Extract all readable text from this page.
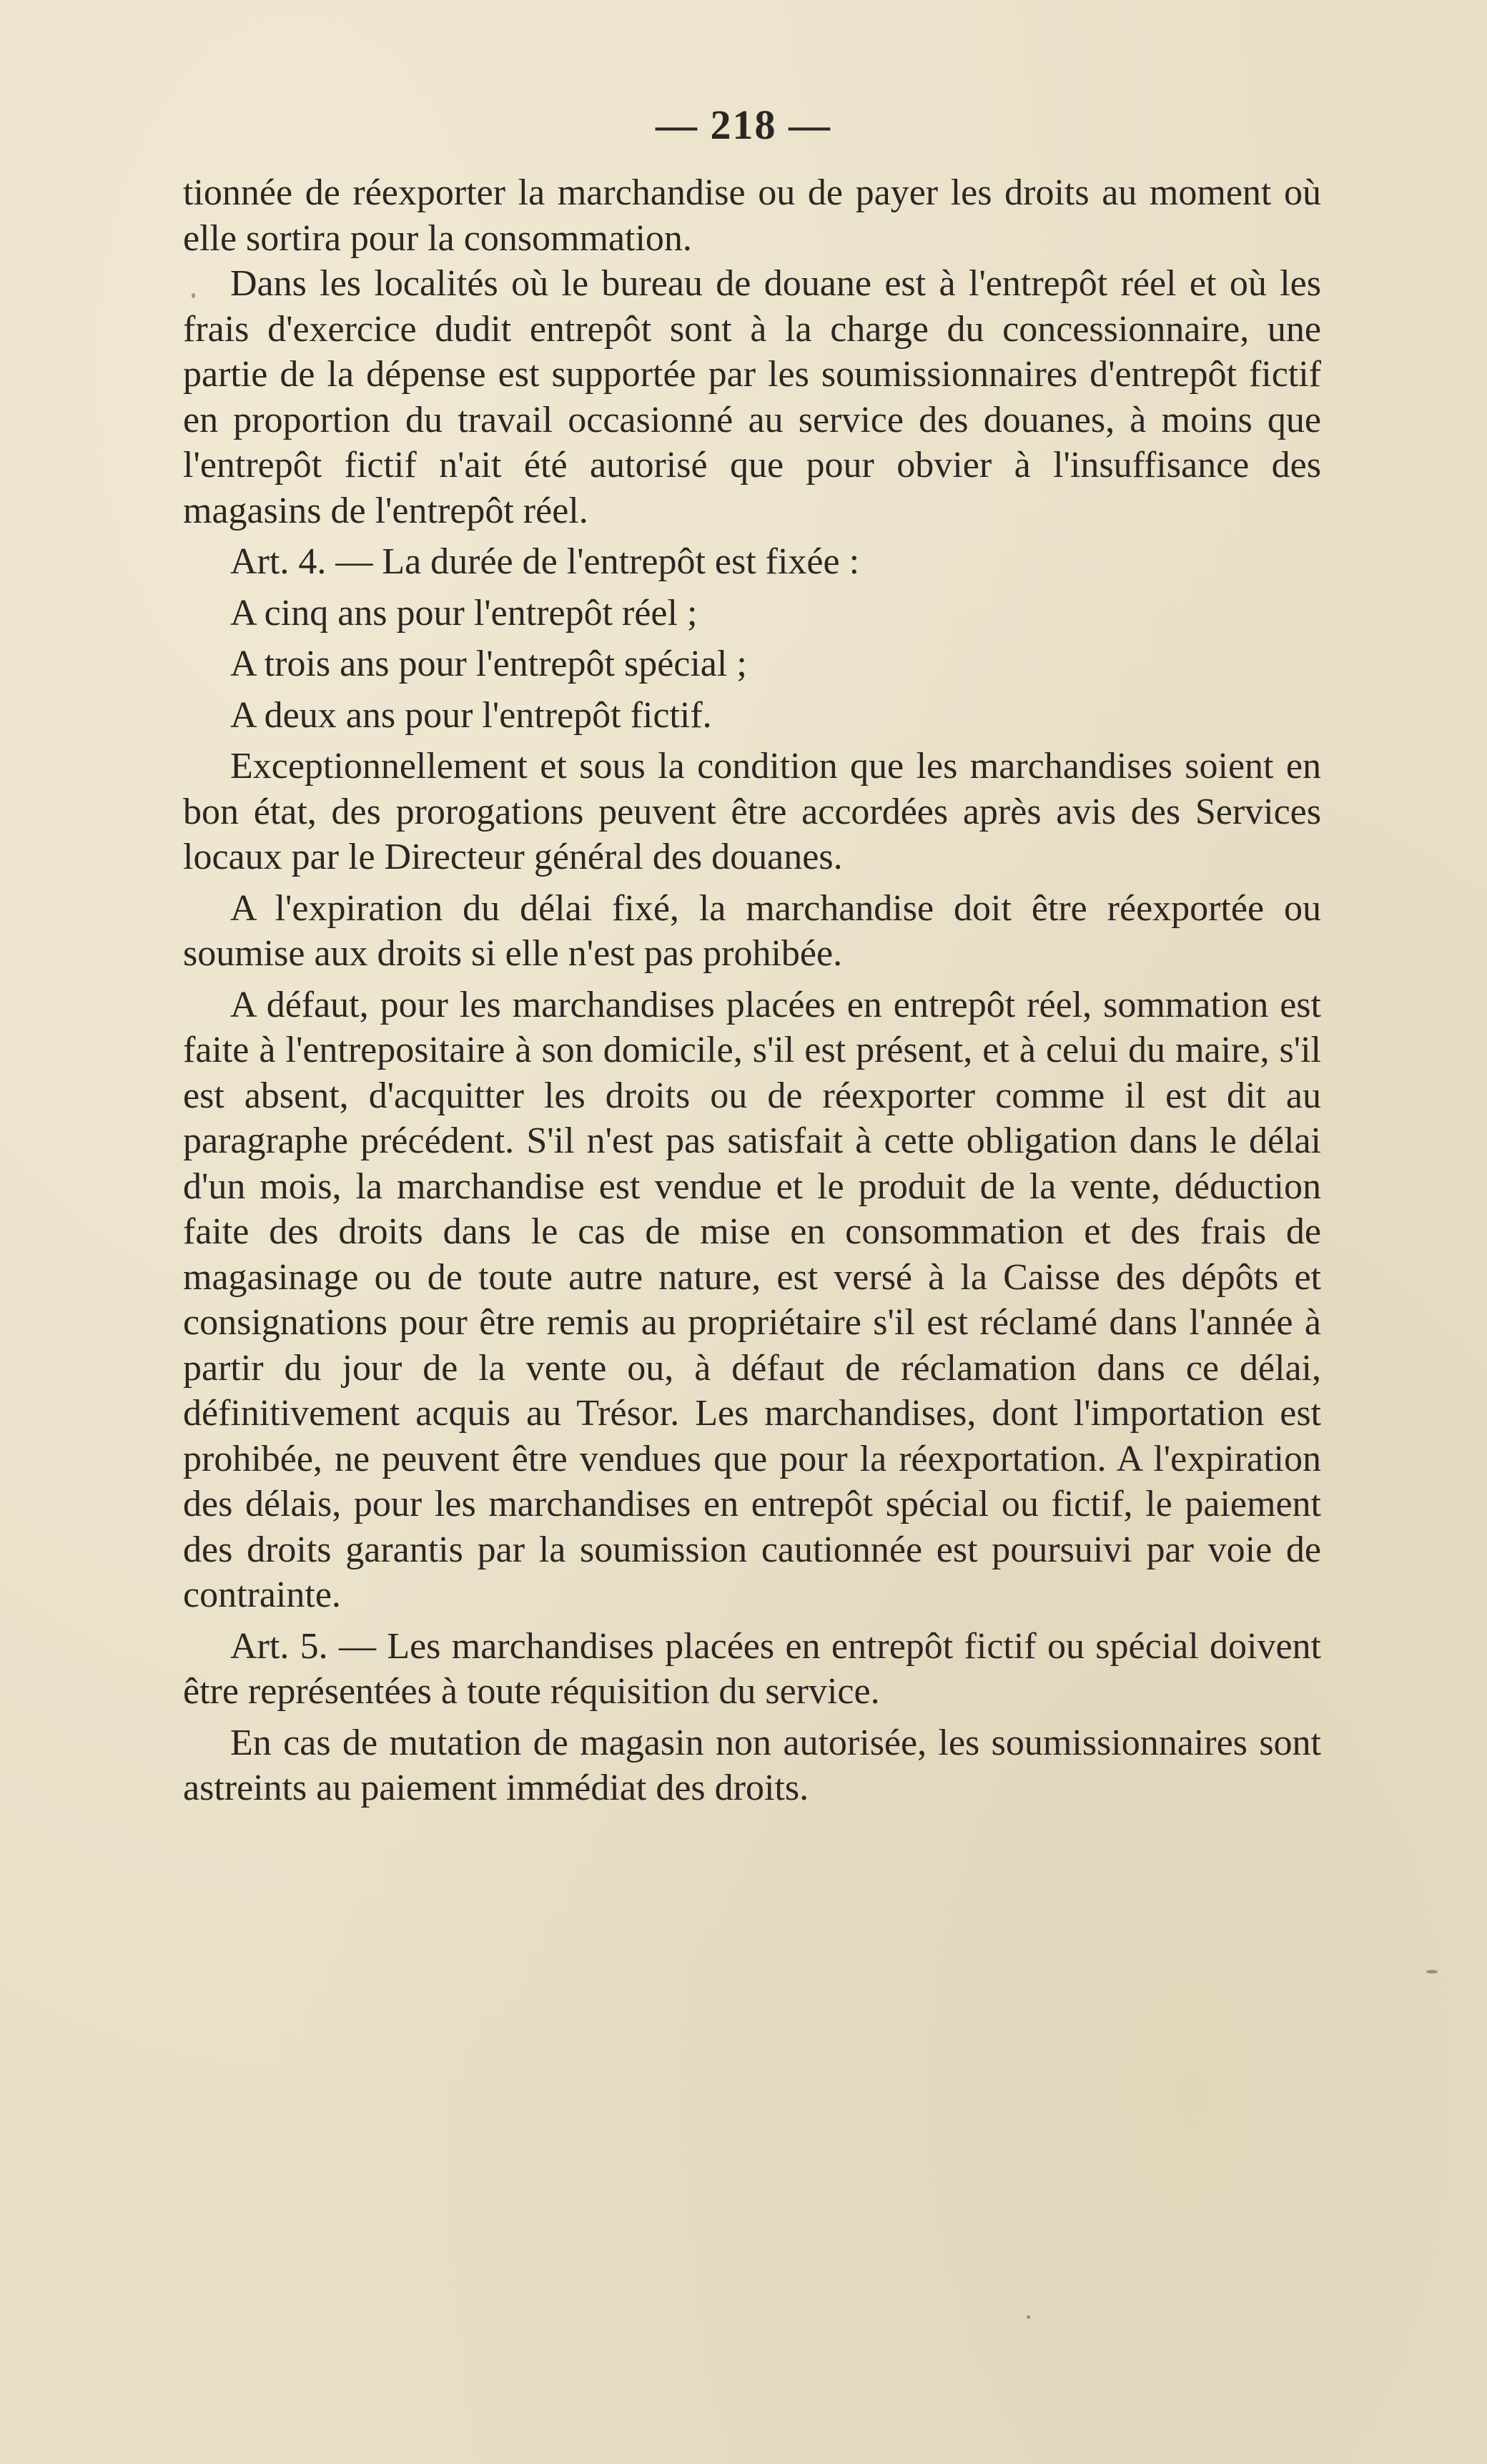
— 218 —

tionnée de réexporter la marchandise ou de payer les droits au moment où elle sortira pour la consommation.

Dans les localités où le bureau de douane est à l'entrepôt réel et où les frais d'exercice dudit entrepôt sont à la charge du concessionnaire, une partie de la dépense est supportée par les soumissionnaires d'entrepôt fictif en proportion du travail occasionné au service des douanes, à moins que l'entrepôt fictif n'ait été autorisé que pour obvier à l'insuffisance des magasins de l'entrepôt réel.

Art. 4. — La durée de l'entrepôt est fixée :

A cinq ans pour l'entrepôt réel ;

A trois ans pour l'entrepôt spécial ;

A deux ans pour l'entrepôt fictif.

Exceptionnellement et sous la condition que les marchandises soient en bon état, des prorogations peuvent être accordées après avis des Services locaux par le Directeur général des douanes.

A l'expiration du délai fixé, la marchandise doit être réexportée ou soumise aux droits si elle n'est pas prohibée.

A défaut, pour les marchandises placées en entrepôt réel, sommation est faite à l'entrepositaire à son domicile, s'il est présent, et à celui du maire, s'il est absent, d'acquitter les droits ou de réexporter comme il est dit au paragraphe précédent. S'il n'est pas satisfait à cette obligation dans le délai d'un mois, la marchandise est vendue et le produit de la vente, déduction faite des droits dans le cas de mise en consommation et des frais de magasinage ou de toute autre nature, est versé à la Caisse des dépôts et consignations pour être remis au propriétaire s'il est réclamé dans l'année à partir du jour de la vente ou, à défaut de réclamation dans ce délai, définitivement acquis au Trésor. Les marchandises, dont l'importation est prohibée, ne peuvent être vendues que pour la réexportation. A l'expiration des délais, pour les marchandises en entrepôt spécial ou fictif, le paiement des droits garantis par la soumission cautionnée est poursuivi par voie de contrainte.

Art. 5. — Les marchandises placées en entrepôt fictif ou spécial doivent être représentées à toute réquisition du service.

En cas de mutation de magasin non autorisée, les soumissionnaires sont astreints au paiement immédiat des droits.
